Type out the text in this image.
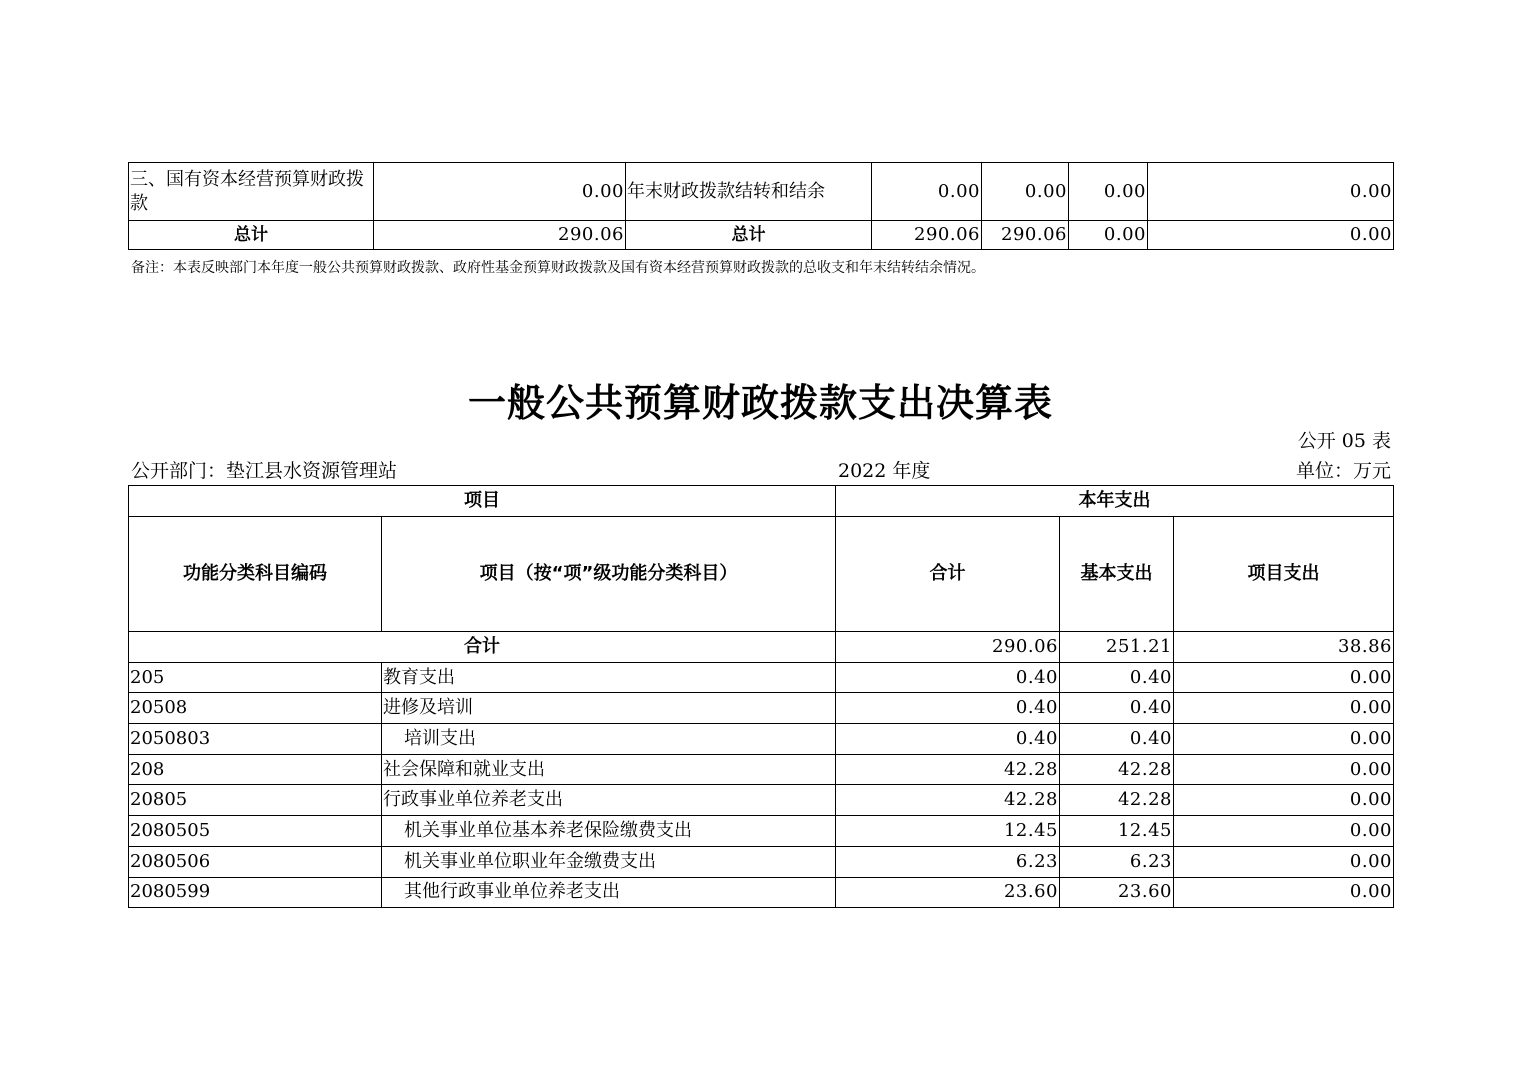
三、国有资本经营预算财政拨款	0.00	年末财政拨款结转和结余	0.00	0.00	0.00	0.00
总计	290.06	总计	290.06	290.06	0.00	0.00
备注：本表反映部门本年度一般公共预算财政拨款、政府性基金预算财政拨款及国有资本经营预算财政拨款的总收支和年末结转结余情况。
一般公共预算财政拨款支出决算表
公开 05 表
公开部门：垫江县水资源管理站	2022 年度	单位：万元
项目		本年支出		
功能分类科目编码	项目（按“项”级功能分类科目）	合计	基本支出	项目支出
合计		290.06	251.21	38.86
205	教育支出	0.40	0.40	0.00
20508	进修及培训	0.40	0.40	0.00
2050803	培训支出	0.40	0.40	0.00
208	社会保障和就业支出	42.28	42.28	0.00
20805	行政事业单位养老支出	42.28	42.28	0.00
2080505	机关事业单位基本养老保险缴费支出	12.45	12.45	0.00
2080506	机关事业单位职业年金缴费支出	6.23	6.23	0.00
2080599	其他行政事业单位养老支出	23.60	23.60	0.00
